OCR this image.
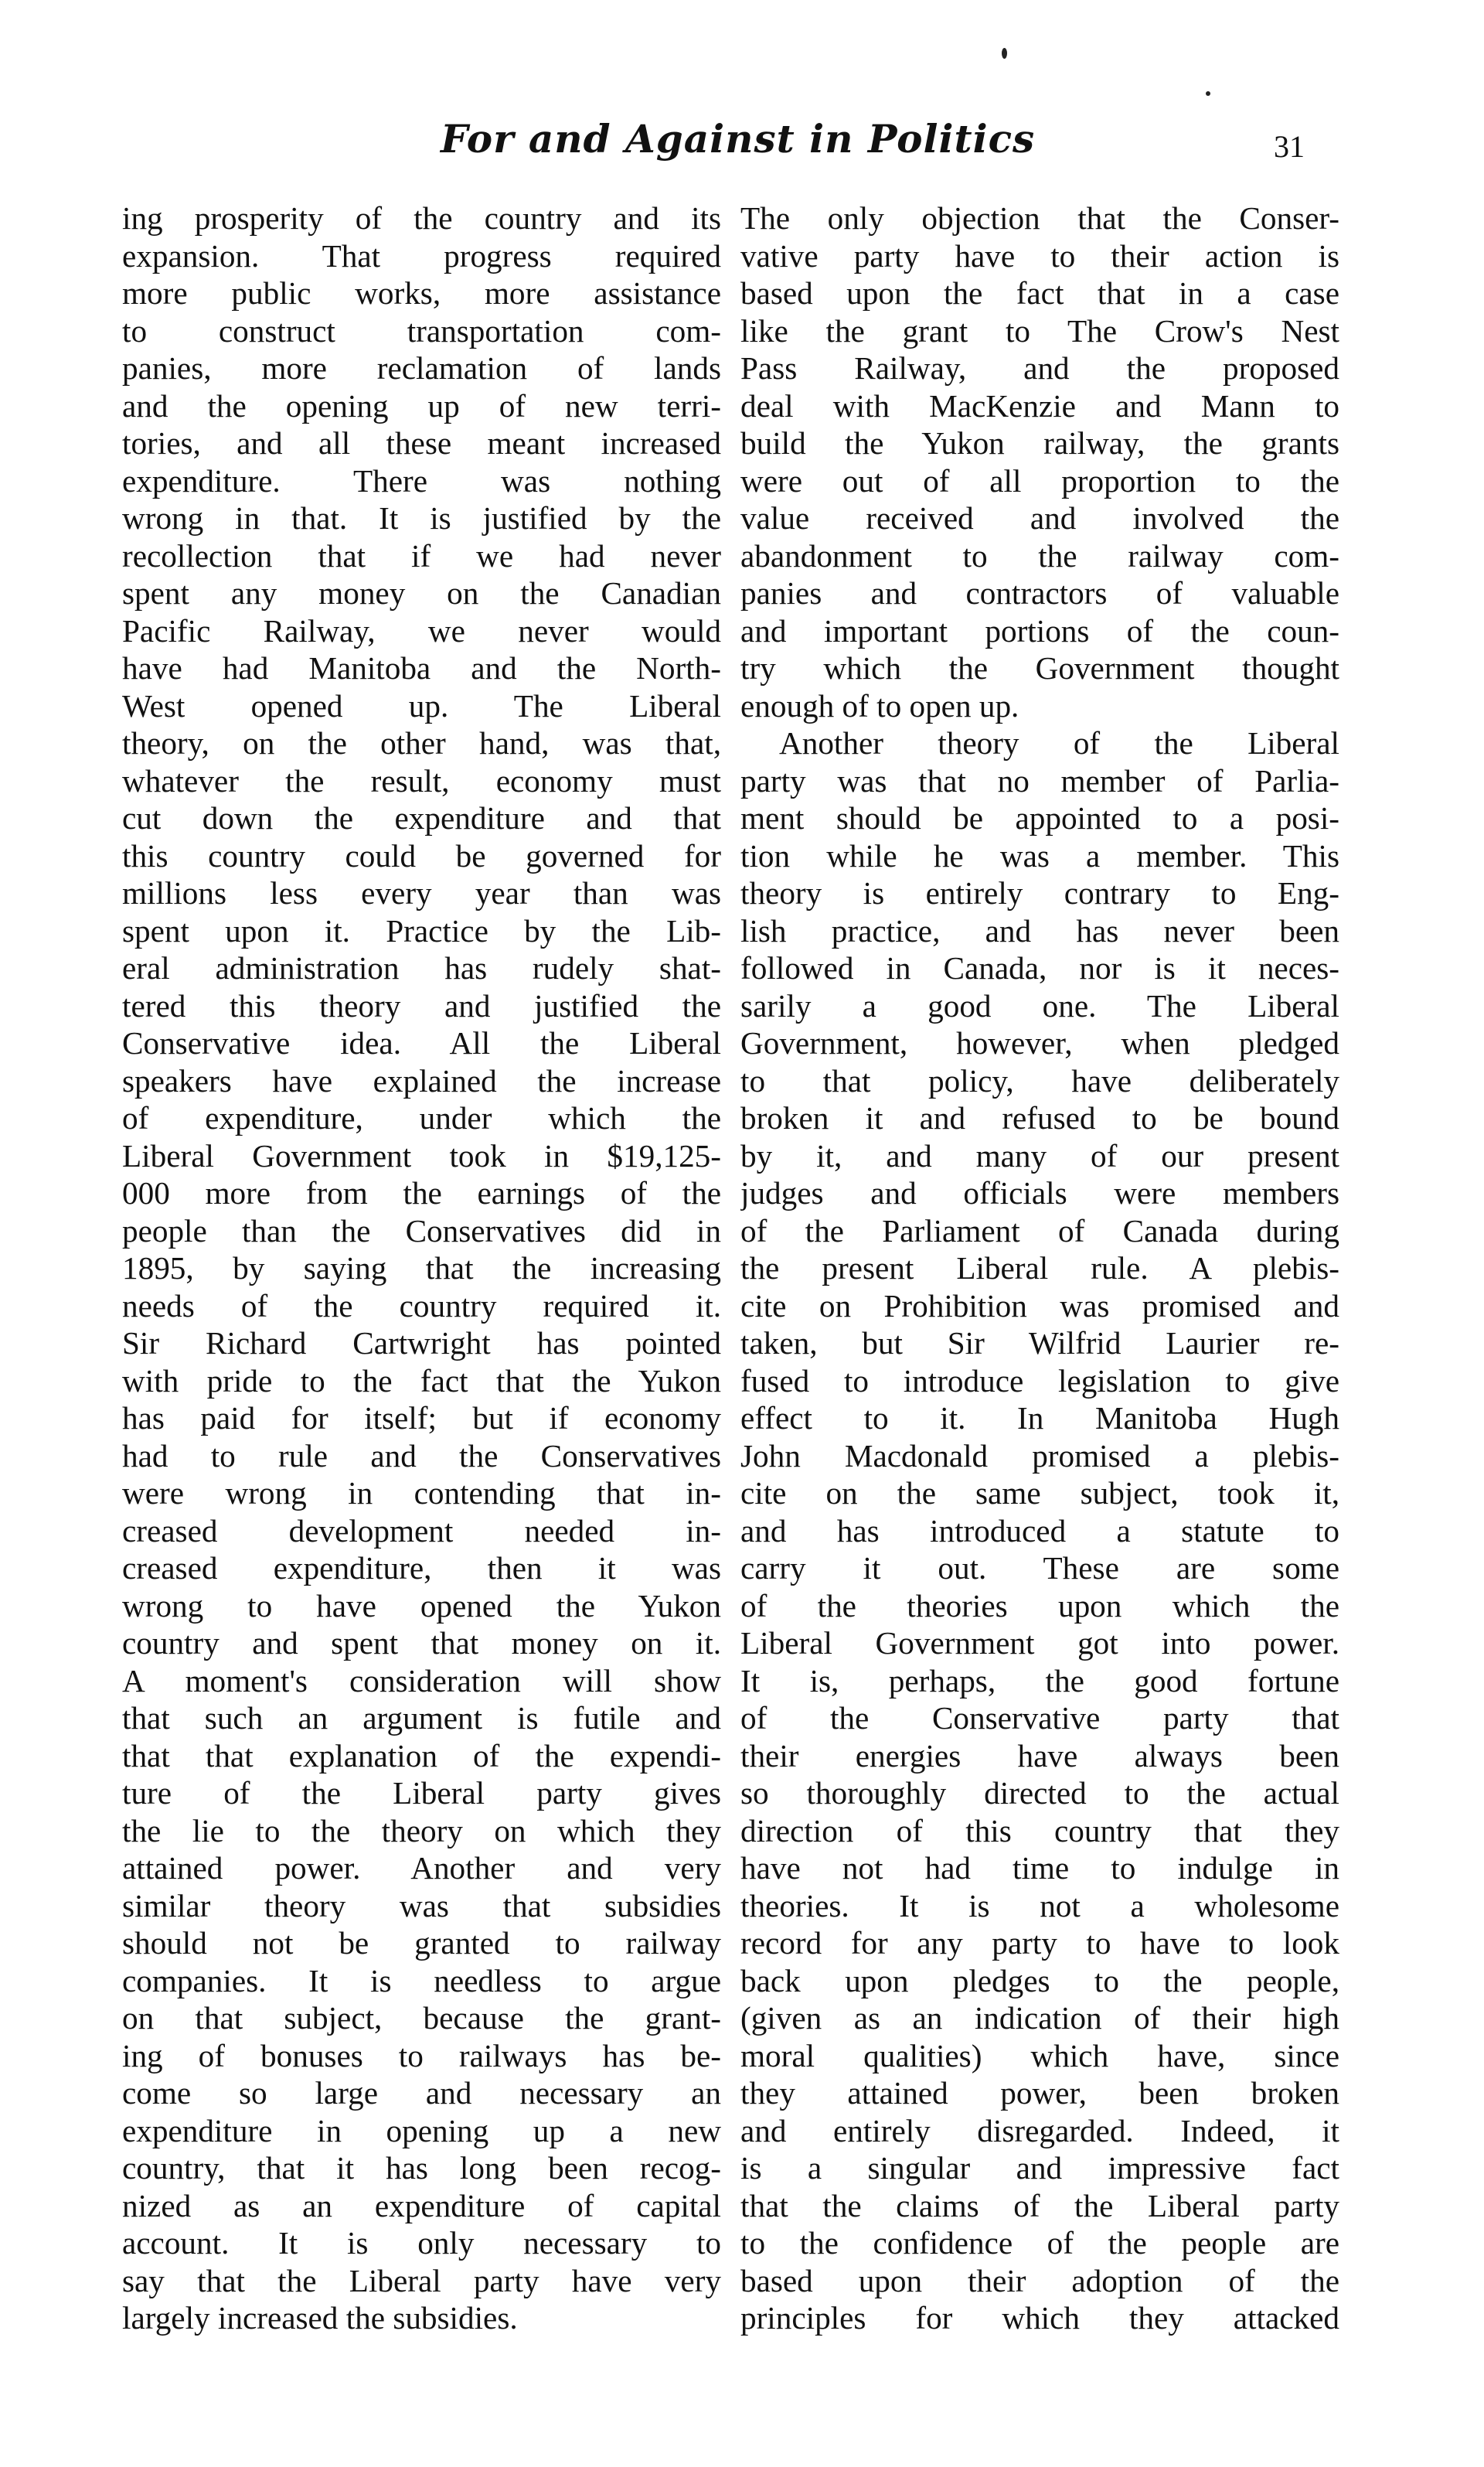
For and Against in Politics	31
ing prosperity of the country and its
expansion. That progress required
more public works, more assistance
to construct transportation com-
panies, more reclamation of lands
and the opening up of new terri-
tories, and all these meant increased
expenditure. There was nothing
wrong in that. It is justified by the
recollection that if we had never
spent any money on the Canadian
Pacific Railway, we never would
have had Manitoba and the North-
West opened up. The Liberal
theory, on the other hand, was that,
whatever the result, economy must
cut down the expenditure and that
this country could be governed for
millions less every year than was
spent upon it. Practice by the Lib-
eral administration has rudely shat-
tered this theory and justified the
Conservative idea. All the Liberal
speakers have explained the increase
of expenditure, under which the
Liberal Government took in $19,125-
000 more from the earnings of the
people than the Conservatives did in
1895, by saying that the increasing
needs of the country required it.
Sir Richard Cartwright has pointed
with pride to the fact that the Yukon
has paid for itself; but if economy
had to rule and the Conservatives
were wrong in contending that in-
creased development needed in-
creased expenditure, then it was
wrong to have opened the Yukon
country and spent that money on it.
A moment's consideration will show
that such an argument is futile and
that that explanation of the expendi-
ture of the Liberal party gives
the lie to the theory on which they
attained power. Another and very
similar theory was that subsidies
should not be granted to railway
companies. It is needless to argue
on that subject, because the grant-
ing of bonuses to railways has be-
come so large and necessary an
expenditure in opening up a new
country, that it has long been recog-
nized as an expenditure of capital
account. It is only necessary to
say that the Liberal party have very
largely increased the subsidies.
The only objection that the Conser-
vative party have to their action is
based upon the fact that in a case
like the grant to The Crow's Nest
Pass Railway, and the proposed
deal with MacKenzie and Mann to
build the Yukon railway, the grants
were out of all proportion to the
value received and involved the
abandonment to the railway com-
panies and contractors of valuable
and important portions of the coun-
try which the Government thought
enough of to open up.
Another theory of the Liberal
party was that no member of Parlia-
ment should be appointed to a posi-
tion while he was a member. This
theory is entirely contrary to Eng-
lish practice, and has never been
followed in Canada, nor is it neces-
sarily a good one. The Liberal
Government, however, when pledged
to that policy, have deliberately
broken it and refused to be bound
by it, and many of our present
judges and officials were members
of the Parliament of Canada during
the present Liberal rule. A plebis-
cite on Prohibition was promised and
taken, but Sir Wilfrid Laurier re-
fused to introduce legislation to give
effect to it. In Manitoba Hugh
John Macdonald promised a plebis-
cite on the same subject, took it,
and has introduced a statute to
carry it out. These are some
of the theories upon which the
Liberal Government got into power.
It is, perhaps, the good fortune
of the Conservative party that
their energies have always been
so thoroughly directed to the actual
direction of this country that they
have not had time to indulge in
theories. It is not a wholesome
record for any party to have to look
back upon pledges to the people,
(given as an indication of their high
moral qualities) which have, since
they attained power, been broken
and entirely disregarded. Indeed, it
is a singular and impressive fact
that the claims of the Liberal party
to the confidence of the people are
based upon their adoption of the
principles for which they attacked
